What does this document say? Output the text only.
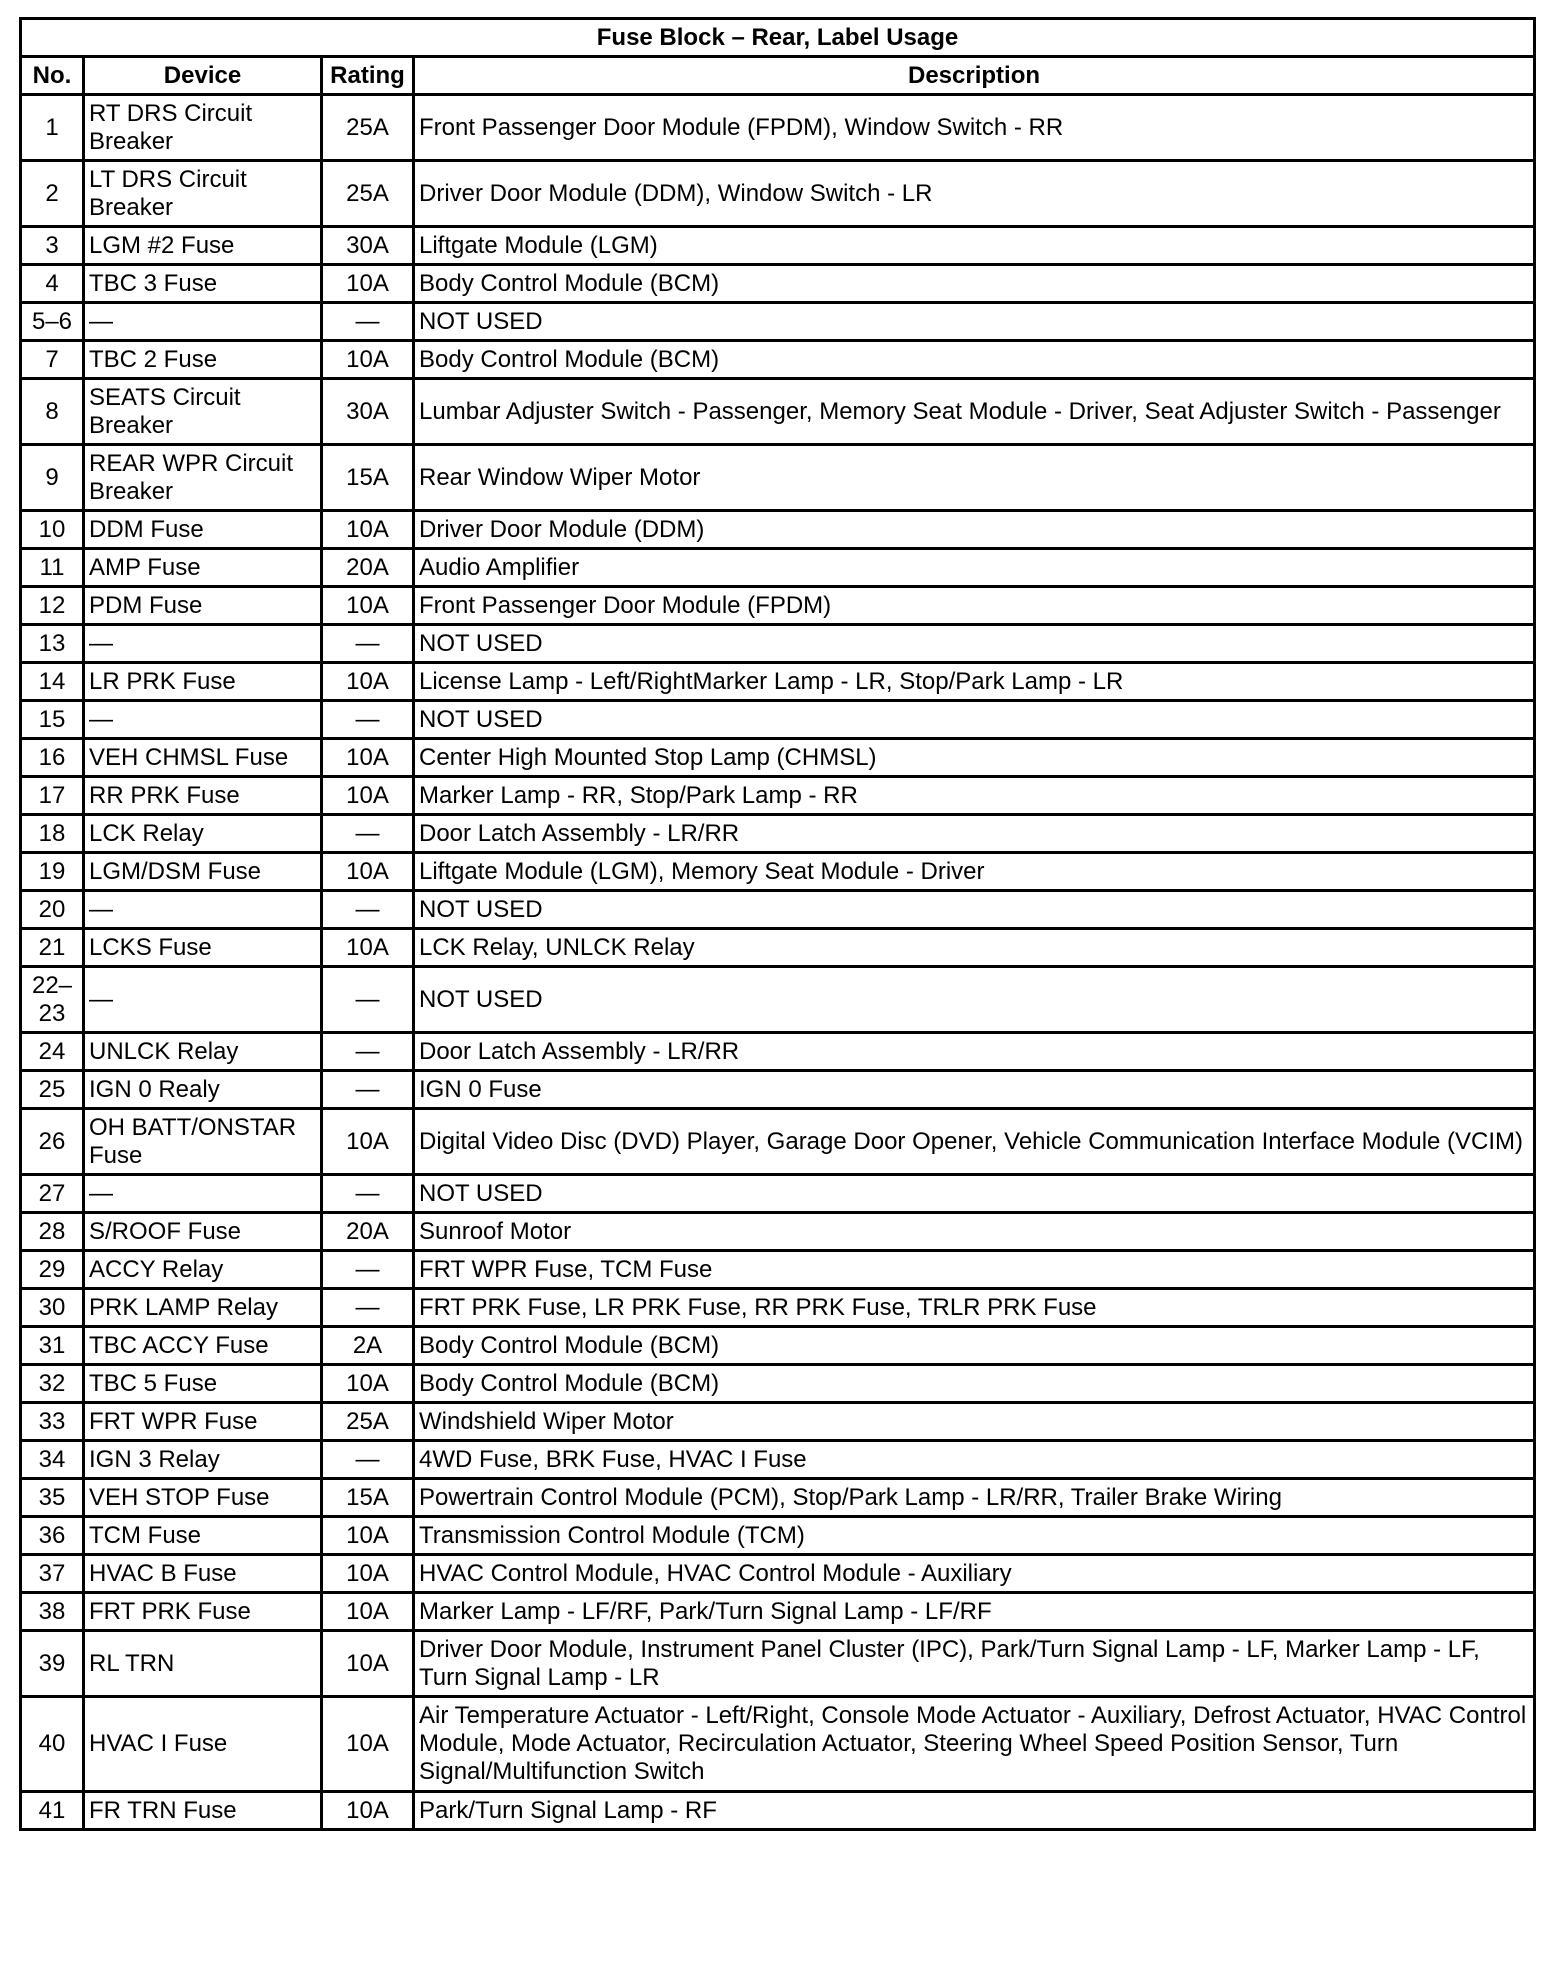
Fuse Block – Rear, Label Usage			
No.	Device	Rating	Description
1	RT DRS Circuit Breaker	25A	Front Passenger Door Module (FPDM), Window Switch - RR
2	LT DRS Circuit Breaker	25A	Driver Door Module (DDM), Window Switch - LR
3	LGM #2 Fuse	30A	Liftgate Module (LGM)
4	TBC 3 Fuse	10A	Body Control Module (BCM)
5–6	—	—	NOT USED
7	TBC 2 Fuse	10A	Body Control Module (BCM)
8	SEATS Circuit Breaker	30A	Lumbar Adjuster Switch - Passenger, Memory Seat Module - Driver, Seat Adjuster Switch - Passenger
9	REAR WPR Circuit Breaker	15A	Rear Window Wiper Motor
10	DDM Fuse	10A	Driver Door Module (DDM)
11	AMP Fuse	20A	Audio Amplifier
12	PDM Fuse	10A	Front Passenger Door Module (FPDM)
13	—	—	NOT USED
14	LR PRK Fuse	10A	License Lamp - Left/RightMarker Lamp - LR, Stop/Park Lamp - LR
15	—	—	NOT USED
16	VEH CHMSL Fuse	10A	Center High Mounted Stop Lamp (CHMSL)
17	RR PRK Fuse	10A	Marker Lamp - RR, Stop/Park Lamp - RR
18	LCK Relay	—	Door Latch Assembly - LR/RR
19	LGM/DSM Fuse	10A	Liftgate Module (LGM), Memory Seat Module - Driver
20	—	—	NOT USED
21	LCKS Fuse	10A	LCK Relay, UNLCK Relay
22–23	—	—	NOT USED
24	UNLCK Relay	—	Door Latch Assembly - LR/RR
25	IGN 0 Realy	—	IGN 0 Fuse
26	OH BATT/ONSTAR Fuse	10A	Digital Video Disc (DVD) Player, Garage Door Opener, Vehicle Communication Interface Module (VCIM)
27	—	—	NOT USED
28	S/ROOF Fuse	20A	Sunroof Motor
29	ACCY Relay	—	FRT WPR Fuse, TCM Fuse
30	PRK LAMP Relay	—	FRT PRK Fuse, LR PRK Fuse, RR PRK Fuse, TRLR PRK Fuse
31	TBC ACCY Fuse	2A	Body Control Module (BCM)
32	TBC 5 Fuse	10A	Body Control Module (BCM)
33	FRT WPR Fuse	25A	Windshield Wiper Motor
34	IGN 3 Relay	—	4WD Fuse, BRK Fuse, HVAC I Fuse
35	VEH STOP Fuse	15A	Powertrain Control Module (PCM), Stop/Park Lamp - LR/RR, Trailer Brake Wiring
36	TCM Fuse	10A	Transmission Control Module (TCM)
37	HVAC B Fuse	10A	HVAC Control Module, HVAC Control Module - Auxiliary
38	FRT PRK Fuse	10A	Marker Lamp - LF/RF, Park/Turn Signal Lamp - LF/RF
39	RL TRN	10A	Driver Door Module, Instrument Panel Cluster (IPC), Park/Turn Signal Lamp - LF, Marker Lamp - LF, Turn Signal Lamp - LR
40	HVAC I Fuse	10A	Air Temperature Actuator - Left/Right, Console Mode Actuator - Auxiliary, Defrost Actuator, HVAC Control Module, Mode Actuator, Recirculation Actuator, Steering Wheel Speed Position Sensor, Turn Signal/Multifunction Switch
41	FR TRN Fuse	10A	Park/Turn Signal Lamp - RF
